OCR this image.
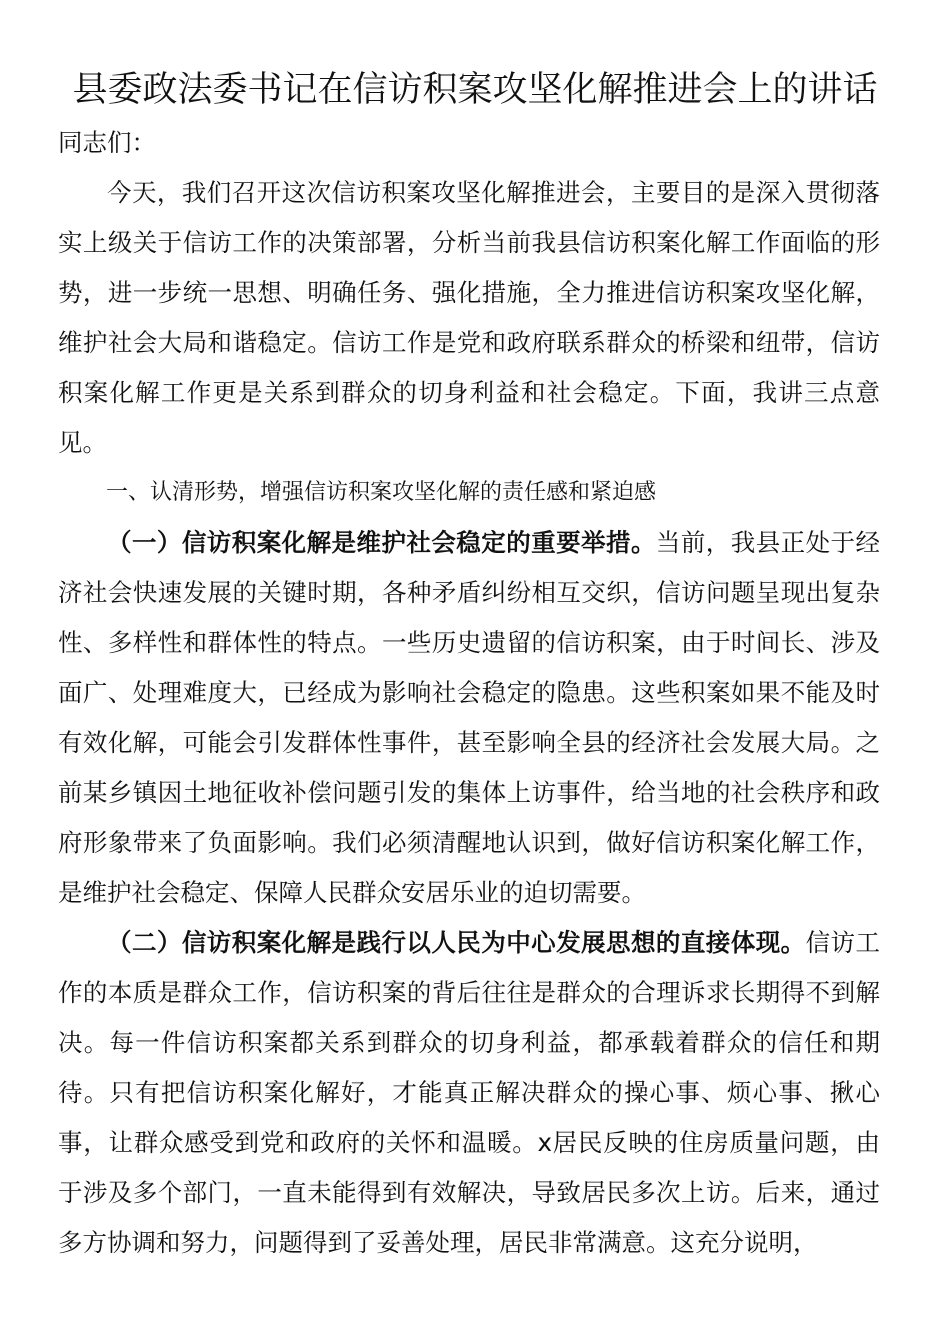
县委政法委书记在信访积案攻坚化解推进会上的讲话

同志们：

今天，我们召开这次信访积案攻坚化解推进会，主要目的是深入贯彻落实上级关于信访工作的决策部署，分析当前我县信访积案化解工作面临的形势，进一步统一思想、明确任务、强化措施，全力推进信访积案攻坚化解，维护社会大局和谐稳定。信访工作是党和政府联系群众的桥梁和纽带，信访积案化解工作更是关系到群众的切身利益和社会稳定。下面，我讲三点意见。

一、认清形势，增强信访积案攻坚化解的责任感和紧迫感

（一）信访积案化解是维护社会稳定的重要举措。当前，我县正处于经济社会快速发展的关键时期，各种矛盾纠纷相互交织，信访问题呈现出复杂性、多样性和群体性的特点。一些历史遗留的信访积案，由于时间长、涉及面广、处理难度大，已经成为影响社会稳定的隐患。这些积案如果不能及时有效化解，可能会引发群体性事件，甚至影响全县的经济社会发展大局。之前某乡镇因土地征收补偿问题引发的集体上访事件，给当地的社会秩序和政府形象带来了负面影响。我们必须清醒地认识到，做好信访积案化解工作，是维护社会稳定、保障人民群众安居乐业的迫切需要。

（二）信访积案化解是践行以人民为中心发展思想的直接体现。信访工作的本质是群众工作，信访积案的背后往往是群众的合理诉求长期得不到解决。每一件信访积案都关系到群众的切身利益，都承载着群众的信任和期待。只有把信访积案化解好，才能真正解决群众的操心事、烦心事、揪心事，让群众感受到党和政府的关怀和温暖。x居民反映的住房质量问题，由于涉及多个部门，一直未能得到有效解决，导致居民多次上访。后来，通过多方协调和努力，问题得到了妥善处理，居民非常满意。这充分说明，
